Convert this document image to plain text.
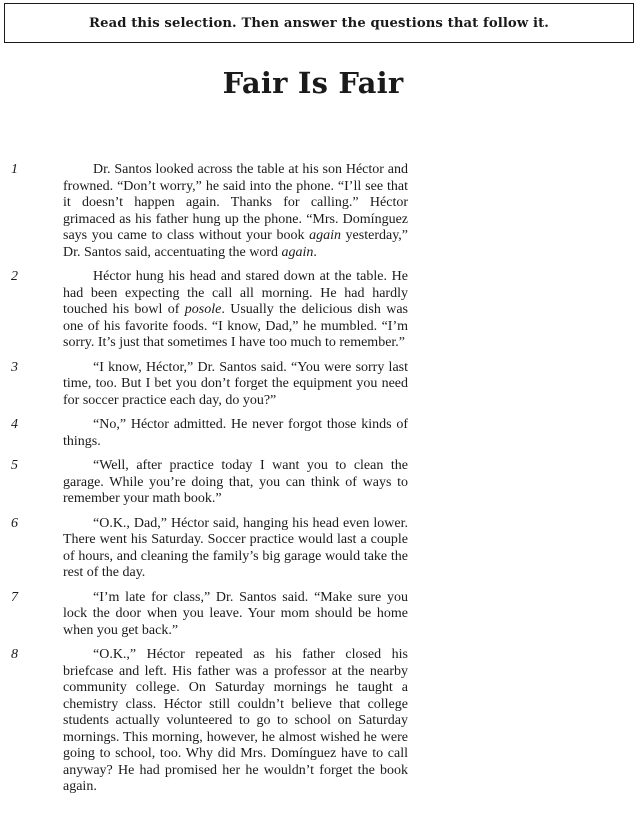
Read this selection. Then answer the questions that follow it.
Fair Is Fair
1	Dr. Santos looked across the table at his son Héctor and frowned. “Don’t worry,” he said into the phone. “I’ll see that it doesn’t happen again. Thanks for calling.” Héctor grimaced as his father hung up the phone. “Mrs. Domínguez says you came to class without your book again yesterday,” Dr. Santos said, accentuating the word again.
2	Héctor hung his head and stared down at the table. He had been expecting the call all morning. He had hardly touched his bowl of posole. Usually the delicious dish was one of his favorite foods. “I know, Dad,” he mumbled. “I’m sorry. It’s just that sometimes I have too much to remember.”
3	“I know, Héctor,” Dr. Santos said. “You were sorry last time, too. But I bet you don’t forget the equipment you need for soccer practice each day, do you?”
4	“No,” Héctor admitted. He never forgot those kinds of things.
5	“Well, after practice today I want you to clean the garage. While you’re doing that, you can think of ways to remember your math book.”
6	“O.K., Dad,” Héctor said, hanging his head even lower. There went his Saturday. Soccer practice would last a couple of hours, and cleaning the family’s big garage would take the rest of the day.
7	“I’m late for class,” Dr. Santos said. “Make sure you lock the door when you leave. Your mom should be home when you get back.”
8	“O.K.,” Héctor repeated as his father closed his briefcase and left. His father was a professor at the nearby community college. On Saturday mornings he taught a chemistry class. Héctor still couldn’t believe that college students actually volunteered to go to school on Saturday mornings. This morning, however, he almost wished he were going to school, too. Why did Mrs. Domínguez have to call anyway? He had promised her he wouldn’t forget the book again.
